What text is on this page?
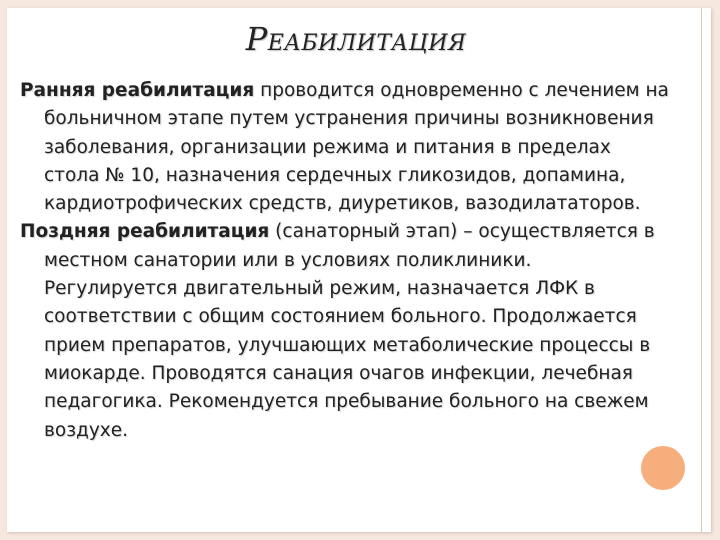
РЕАБИЛИТАЦИЯ

Ранняя реабилитация проводится одновременно с лечением на больничном этапе путем устранения причины возникновения заболевания, организации режима и питания в пределах стола № 10, назначения сердечных гликозидов, допамина, кардиотрофических средств, диуретиков, вазодилататоров.

Поздняя реабилитация (санаторный этап) – осуществляется в местном санатории или в условиях поликлиники. Регулируется двигательный режим, назначается ЛФК в соответствии с общим состоянием больного. Продолжается прием препаратов, улучшающих метаболические процессы в миокарде. Проводятся санация очагов инфекции, лечебная педагогика. Рекомендуется пребывание больного на свежем воздухе.
